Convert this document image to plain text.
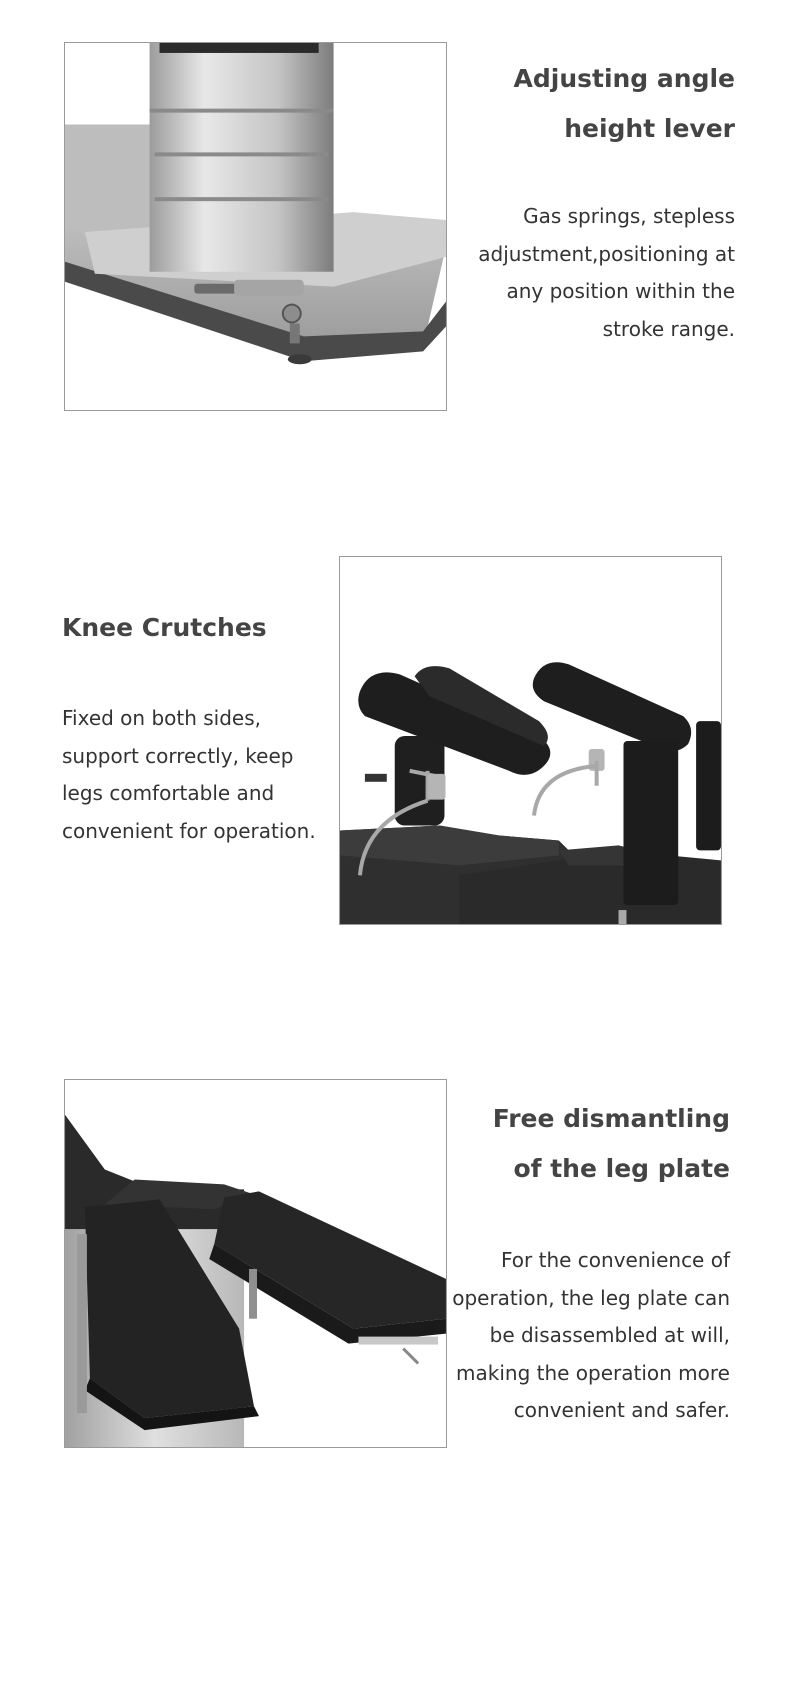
Adjusting angle
height lever

Gas springs, stepless
adjustment,positioning at
any position within the
stroke range.

Knee Crutches

Fixed on both sides,
support correctly, keep
legs comfortable and
convenient for operation.

Free dismantling
of the leg plate

For the convenience of
operation, the leg plate can
be disassembled at will,
making the operation more
convenient and safer.
